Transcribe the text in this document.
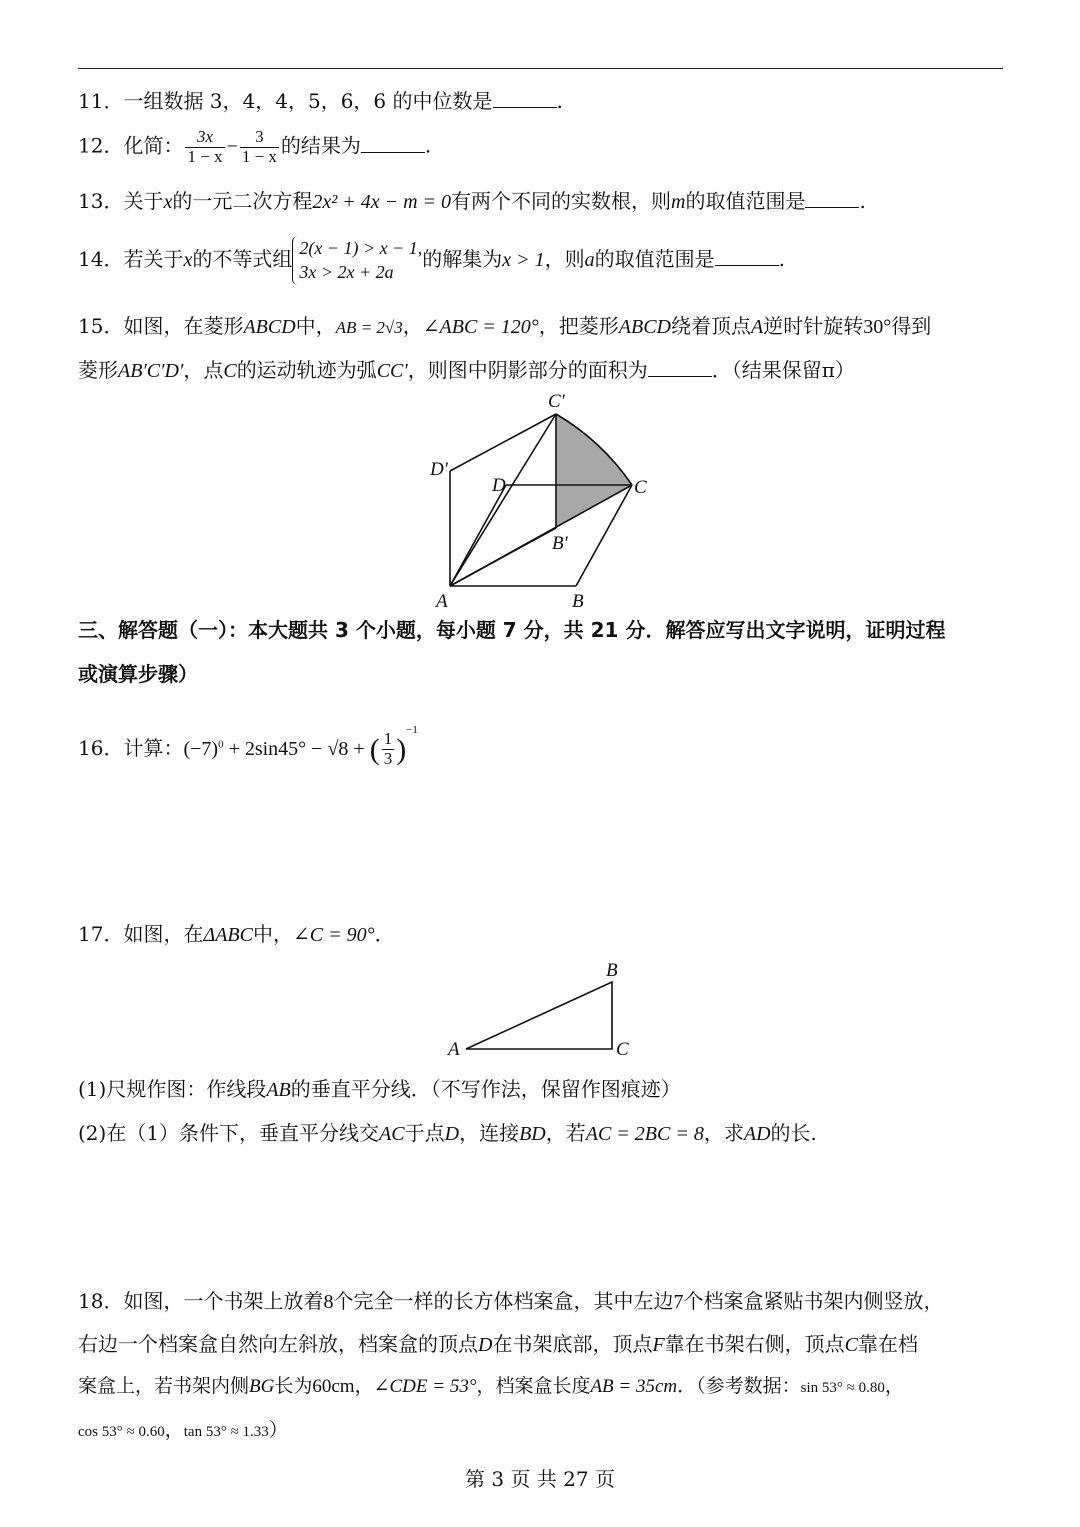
11．一组数据 3，4，4，5，6，6 的中位数是	.
12．化简： $\frac{3x}{1 - x} - \frac{3}{1 - x}$ 的结果为	.
13．关于x的一元二次方程2x² + 4x − m = 0有两个不同的实数根，则m的取值范围是	.
14．若关于x的不等式组 2(x − 1) > x − 1,
3x > 2x + 2a
的解集为x > 1，则a的取值范围是	.
15．如图，在菱形ABCD中，AB = 2√3，∠ABC = 120°，把菱形ABCD绕着顶点A逆时针旋转30°得到
菱形AB′C′D′，点C的运动轨迹为弧CC′，则图中阴影部分的面积为	．（结果保留π）
C′
D′
D	C
B′
A	B
三、解答题（一）：本大题共 3 个小题，每小题 7 分，共 21 分．解答应写出文字说明，证明过程
或演算步骤）
16．计算：$(-7)^0 + 2\sin 45^\circ - √8$ + ( $\frac{1}{3} )^{-1}$
17．如图，在ΔABC中，∠C = 90°．
A
B
C
(1)尺规作图：作线段AB的垂直平分线．（不写作法，保留作图痕迹）
(2)在（1）条件下，垂直平分线交AC于点D，连接BD，若AC = 2BC = 8，求AD的长.
18．如图，一个书架上放着8个完全一样的长方体档案盒，其中左边7个档案盒紧贴书架内侧竖放，
右边一个档案盒自然向左斜放，档案盒的顶点D在书架底部，顶点F靠在书架右侧，顶点C靠在档
案盒上，若书架内侧BG长为60cm，∠CDE = 53°，档案盒长度AB = 35cm．（参考数据：sin 53° ≈ 0.80，
cos 53° ≈ 0.60，tan 53° ≈ 1.33）
第 3 页 共 27 页
